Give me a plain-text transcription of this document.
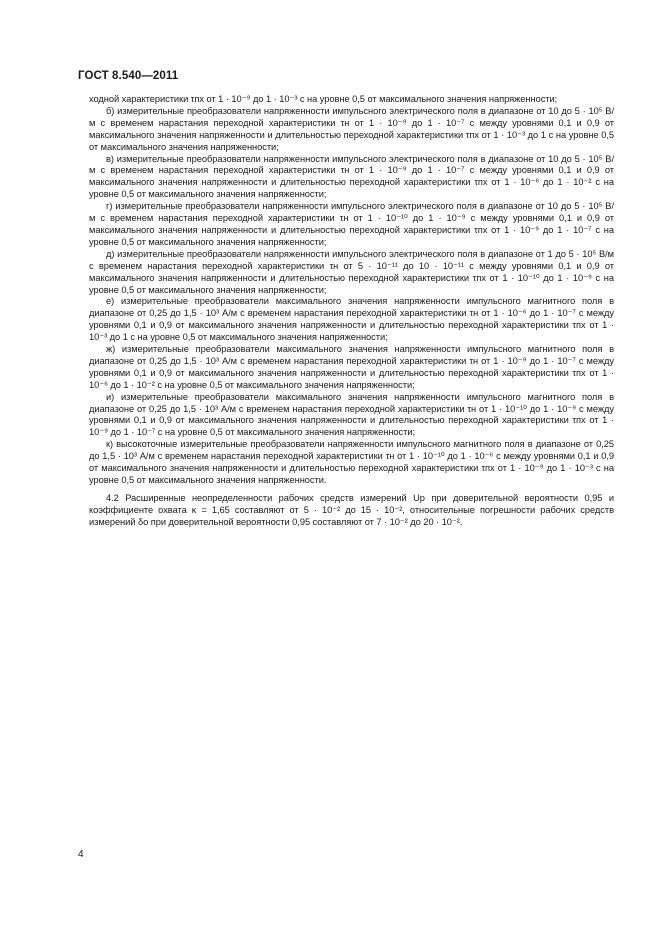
ГОСТ 8.540—2011

ходной характеристики τпх от 1 · 10⁻⁹ до 1 · 10⁻³ с на уровне 0,5 от максимального значения напряженности;

б) измерительные преобразователи напряженности импульсного электрического поля в диапазоне от 10 до 5 · 10⁵ В/м с временем нарастания переходной характеристики τн от 1 · 10⁻⁹ до 1 · 10⁻⁷ с между уровнями 0,1 и 0,9 от максимального значения напряженности и длительностью переходной характеристики τпх от 1 · 10⁻³ до 1 с на уровне 0,5 от максимального значения напряженности;

в) измерительные преобразователи напряженности импульсного электрического поля в диапазоне от 10 до 5 · 10⁵ В/м с временем нарастания переходной характеристики τн от 1 · 10⁻⁹ до 1 · 10⁻⁷ с между уровнями 0,1 и 0,9 от максимального значения напряженности и длительностью переходной характеристики τпх от 1 · 10⁻⁶ до 1 · 10⁻² с на уровне 0,5 от максимального значения напряженности;

г) измерительные преобразователи напряженности импульсного электрического поля в диапазоне от 10 до 5 · 10⁵ В/м с временем нарастания переходной характеристики τн от 1 · 10⁻¹⁰ до 1 · 10⁻⁹ с между уровнями 0,1 и 0,9 от максимального значения напряженности и длительностью переходной характеристики τпх от 1 · 10⁻⁹ до 1 · 10⁻⁷ с на уровне 0,5 от максимального значения напряженности;

д) измерительные преобразователи напряженности импульсного электрического поля в диапазоне от 1 до 5 · 10⁵ В/м с временем нарастания переходной характеристики τн от 5 · 10⁻¹¹ до 10 · 10⁻¹¹ с между уровнями 0,1 и 0,9 от максимального значения напряженности и длительностью переходной характеристики τпх от 1 · 10⁻¹⁰ до 1 · 10⁻⁹ с на уровне 0,5 от максимального значения напряженности;

е) измерительные преобразователи максимального значения напряженности импульсного магнитного поля в диапазоне от 0,25 до 1,5 · 10³ А/м с временем нарастания переходной характеристики τн от 1 · 10⁻⁶ до 1 · 10⁻⁷ с между уровнями 0,1 и 0,9 от максимального значения напряженности и длительностью переходной характеристики τпх от 1 · 10⁻³ до 1 с на уровне 0,5 от максимального значения напряженности;

ж) измерительные преобразователи максимального значения напряженности импульсного магнитного поля в диапазоне от 0,25 до 1,5 · 10³ А/м с временем нарастания переходной характеристики τн от 1 · 10⁻⁹ до 1 · 10⁻⁷ с между уровнями 0,1 и 0,9 от максимального значения напряженности и длительностью переходной характеристики τпх от 1 · 10⁻⁶ до 1 · 10⁻² с на уровне 0,5 от максимального значения напряженности;

и) измерительные преобразователи максимального значения напряженности импульсного магнитного поля в диапазоне от 0,25 до 1,5 · 10³ А/м с временем нарастания переходной характеристики τн от 1 · 10⁻¹⁰ до 1 · 10⁻⁹ с между уровнями 0,1 и 0,9 от максимального значения напряженности и длительностью переходной характеристики τпх от 1 · 10⁻⁹ до 1 · 10⁻⁷ с на уровне 0,5 от максимального значения напряженности;

к) высокоточные измерительные преобразователи напряженности импульсного магнитного поля в диапазоне от 0,25 до 1,5 · 10³ А/м с временем нарастания переходной характеристики τн от 1 · 10⁻¹⁰ до 1 · 10⁻⁶ с между уровнями 0,1 и 0,9 от максимального значения напряженности и длительностью переходной характеристики τпх от 1 · 10⁻⁹ до 1 · 10⁻³ с на уровне 0,5 от максимального значения напряженности.

4.2 Расширенные неопределенности рабочих средств измерений Uр при доверительной вероятности 0,95 и коэффициенте охвата κ = 1,65 составляют от 5 · 10⁻² до 15 · 10⁻², относительные погрешности рабочих средств измерений δо при доверительной вероятности 0,95 составляют от 7 · 10⁻² до 20 · 10⁻².

4
